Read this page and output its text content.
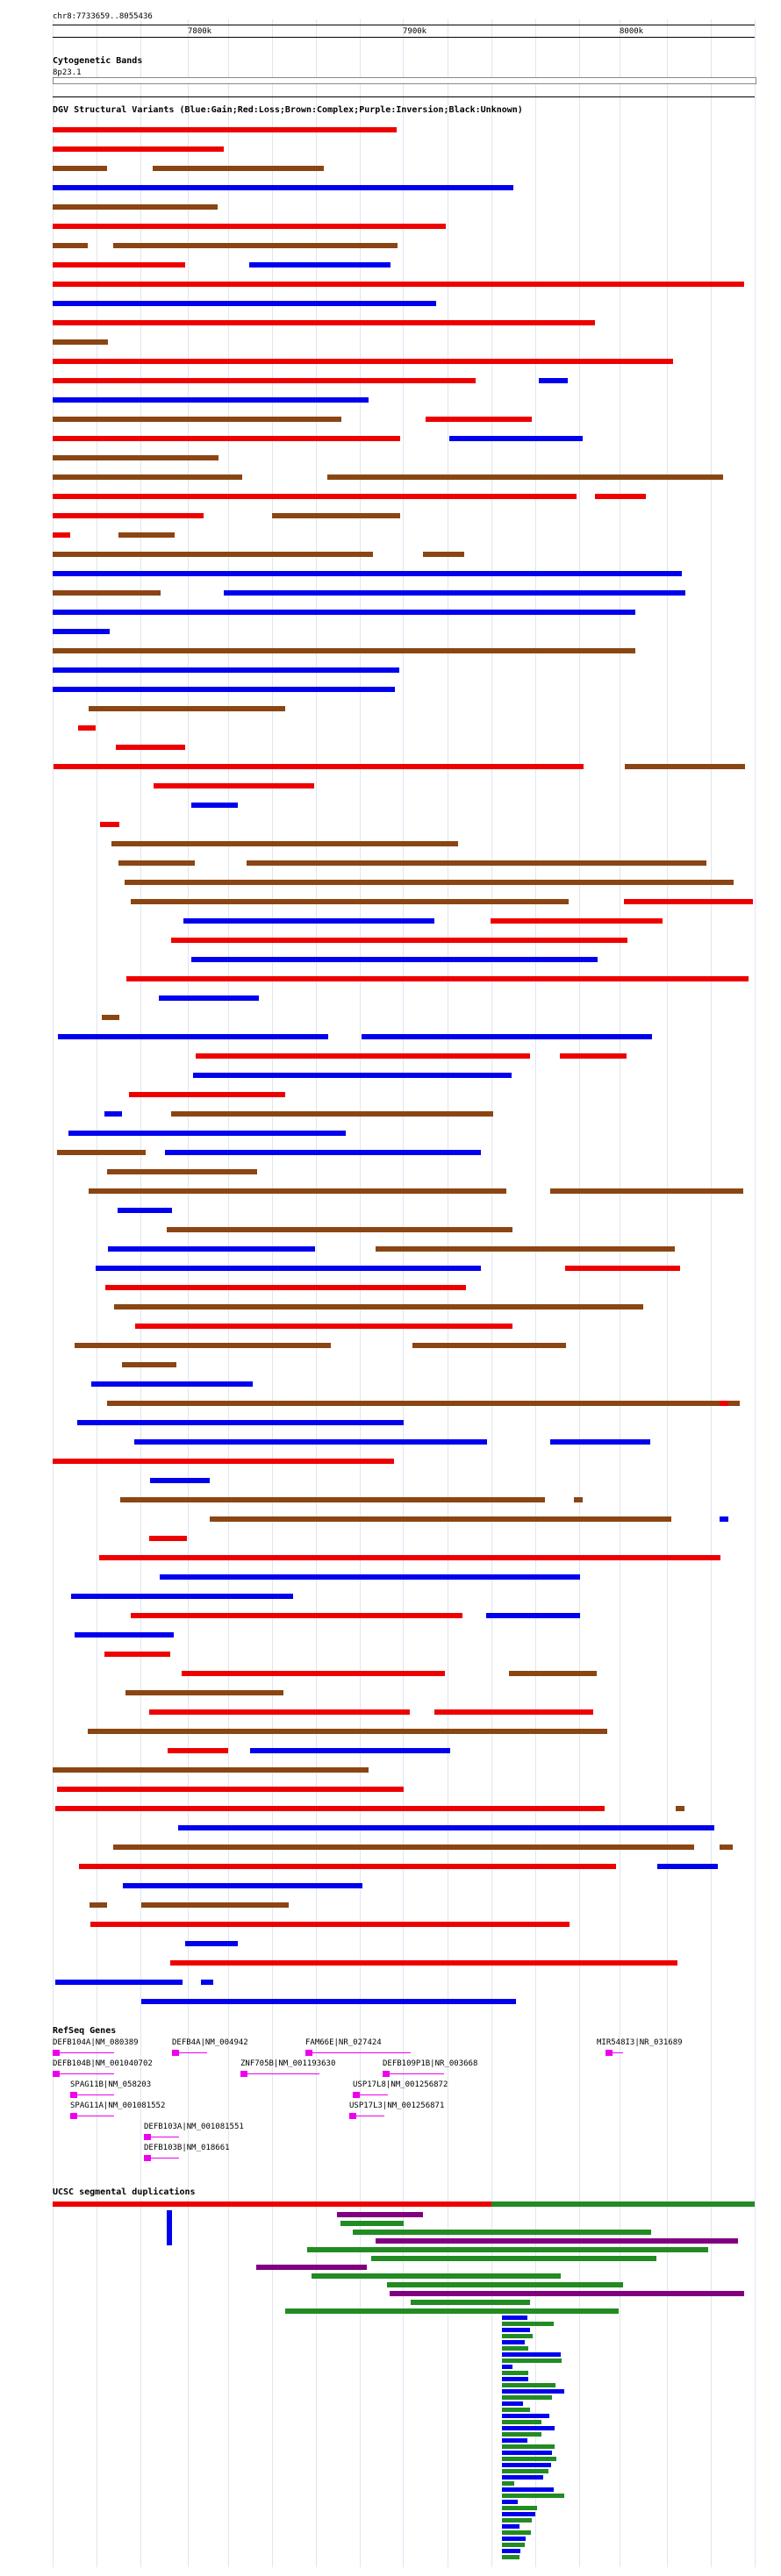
chr8:7733659..8055436
7800k	7900k	8000k
Cytogenetic Bands
8p23.1
DGV Structural Variants (Blue:Gain;Red:Loss;Brown:Complex;Purple:Inversion;Black:Unknown)
RefSeq Genes
DEFB104A|NM_080389	DEFB4A|NM_004942	FAM66E|NR_027424	MIR548I3|NR_031689
DEFB104B|NM_001040702	ZNF705B|NM_001193630	DEFB109P1B|NR_003668
SPAG11B|NM_058203	USP17L8|NM_001256872
SPAG11A|NM_001081552	USP17L3|NM_001256871
DEFB103A|NM_001081551
DEFB103B|NM_018661
UCSC segmental duplications
